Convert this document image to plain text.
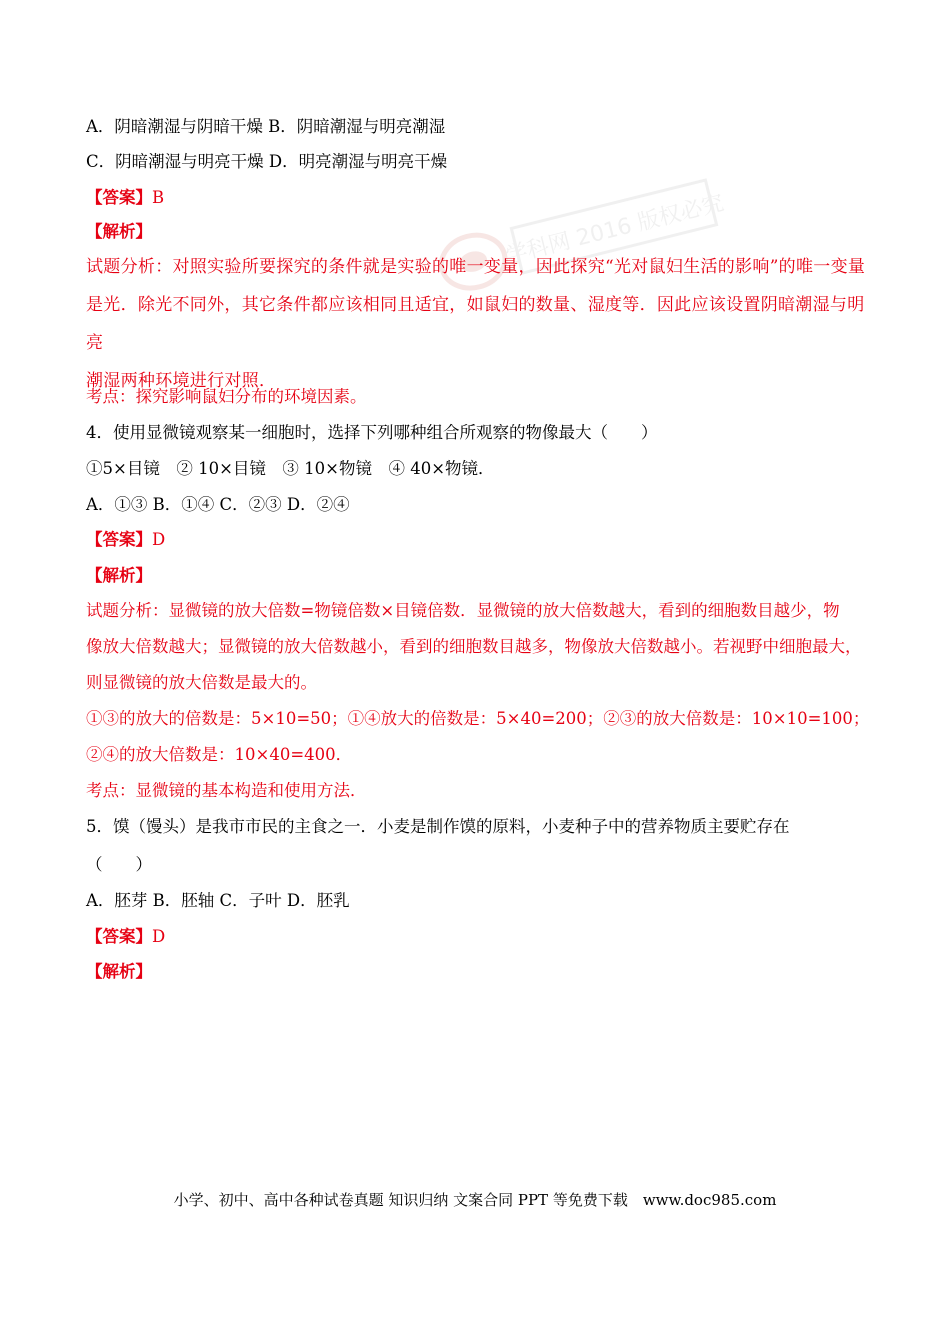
A．阴暗潮湿与阴暗干燥 B．阴暗潮湿与明亮潮湿
C．阴暗潮湿与明亮干燥 D．明亮潮湿与明亮干燥
【答案】B
【解析】	学科网 2016 版权必究
试题分析：对照实验所要探究的条件就是实验的唯一变量，因此探究“光对鼠妇生活的影响”的唯一变量
是光．除光不同外，其它条件都应该相同且适宜，如鼠妇的数量、湿度等．因此应该设置阴暗潮湿与明亮
潮湿两种环境进行对照．
考点：探究影响鼠妇分布的环境因素。
4．使用显微镜观察某一细胞时，选择下列哪种组合所观察的物像最大（　　）
①5×目镜　② 10×目镜　③ 10×物镜　④ 40×物镜．
A．①③ B．①④ C．②③ D．②④
【答案】D
【解析】
试题分析：显微镜的放大倍数=物镜倍数×目镜倍数．显微镜的放大倍数越大，看到的细胞数目越少，物
像放大倍数越大；显微镜的放大倍数越小，看到的细胞数目越多，物像放大倍数越小。若视野中细胞最大，
则显微镜的放大倍数是最大的。
①③的放大的倍数是：5×10=50；①④放大的倍数是：5×40=200；②③的放大倍数是：10×10=100；
②④的放大倍数是：10×40=400．
考点：显微镜的基本构造和使用方法．
5．馍（馒头）是我市市民的主食之一．小麦是制作馍的原料，小麦种子中的营养物质主要贮存在
（　　）
A．胚芽 B．胚轴 C．子叶 D．胚乳
【答案】D
【解析】
小学、初中、高中各种试卷真题 知识归纳 文案合同 PPT 等免费下载　www.doc985.com
